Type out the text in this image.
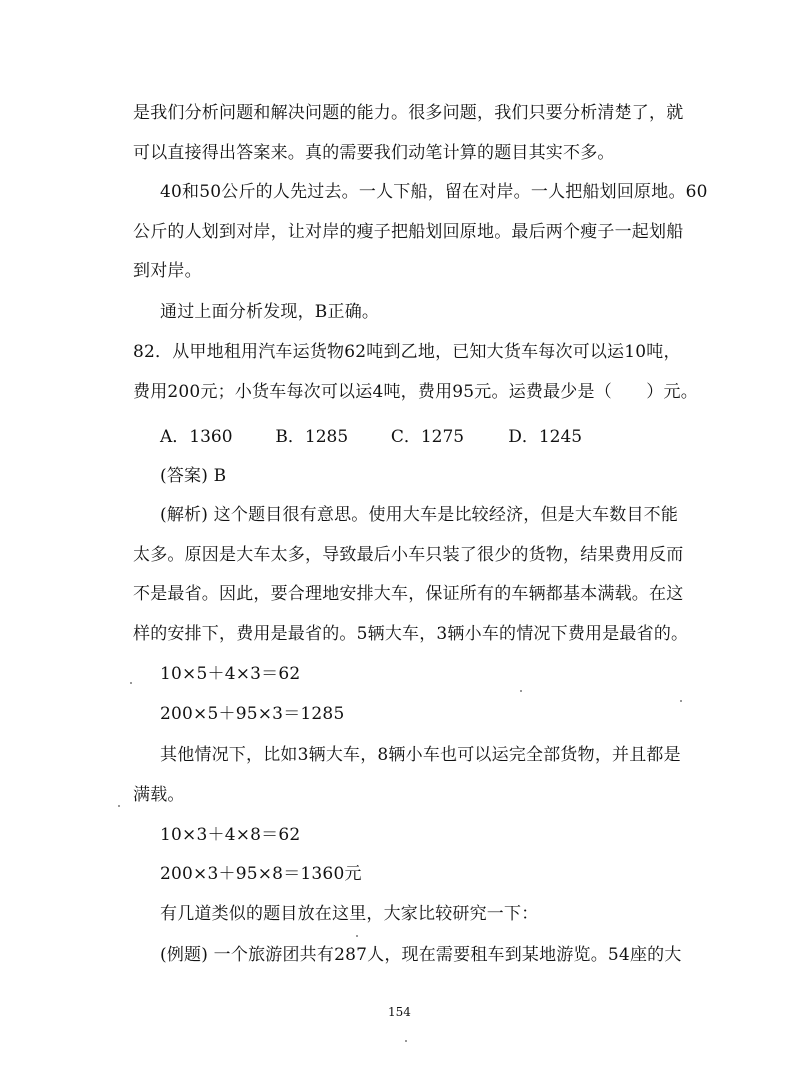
是我们分析问题和解决问题的能力。很多问题，我们只要分析清楚了，就
可以直接得出答案来。真的需要我们动笔计算的题目其实不多。
40和50公斤的人先过去。一人下船，留在对岸。一人把船划回原地。60
公斤的人划到对岸，让对岸的瘦子把船划回原地。最后两个瘦子一起划船
到对岸。
通过上面分析发现，B正确。
82．从甲地租用汽车运货物62吨到乙地，已知大货车每次可以运10吨，
费用200元；小货车每次可以运4吨，费用95元。运费最少是（　　）元。
A．1360	B．1285	C．1275	D．1245
(答案) B
(解析) 这个题目很有意思。使用大车是比较经济，但是大车数目不能
太多。原因是大车太多，导致最后小车只装了很少的货物，结果费用反而
不是最省。因此，要合理地安排大车，保证所有的车辆都基本满载。在这
样的安排下，费用是最省的。5辆大车，3辆小车的情况下费用是最省的。
10×5＋4×3＝62
200×5＋95×3＝1285
其他情况下，比如3辆大车，8辆小车也可以运完全部货物，并且都是
满载。
10×3＋4×8＝62
200×3＋95×8＝1360元
有几道类似的题目放在这里，大家比较研究一下：
(例题) 一个旅游团共有287人，现在需要租车到某地游览。54座的大
154
